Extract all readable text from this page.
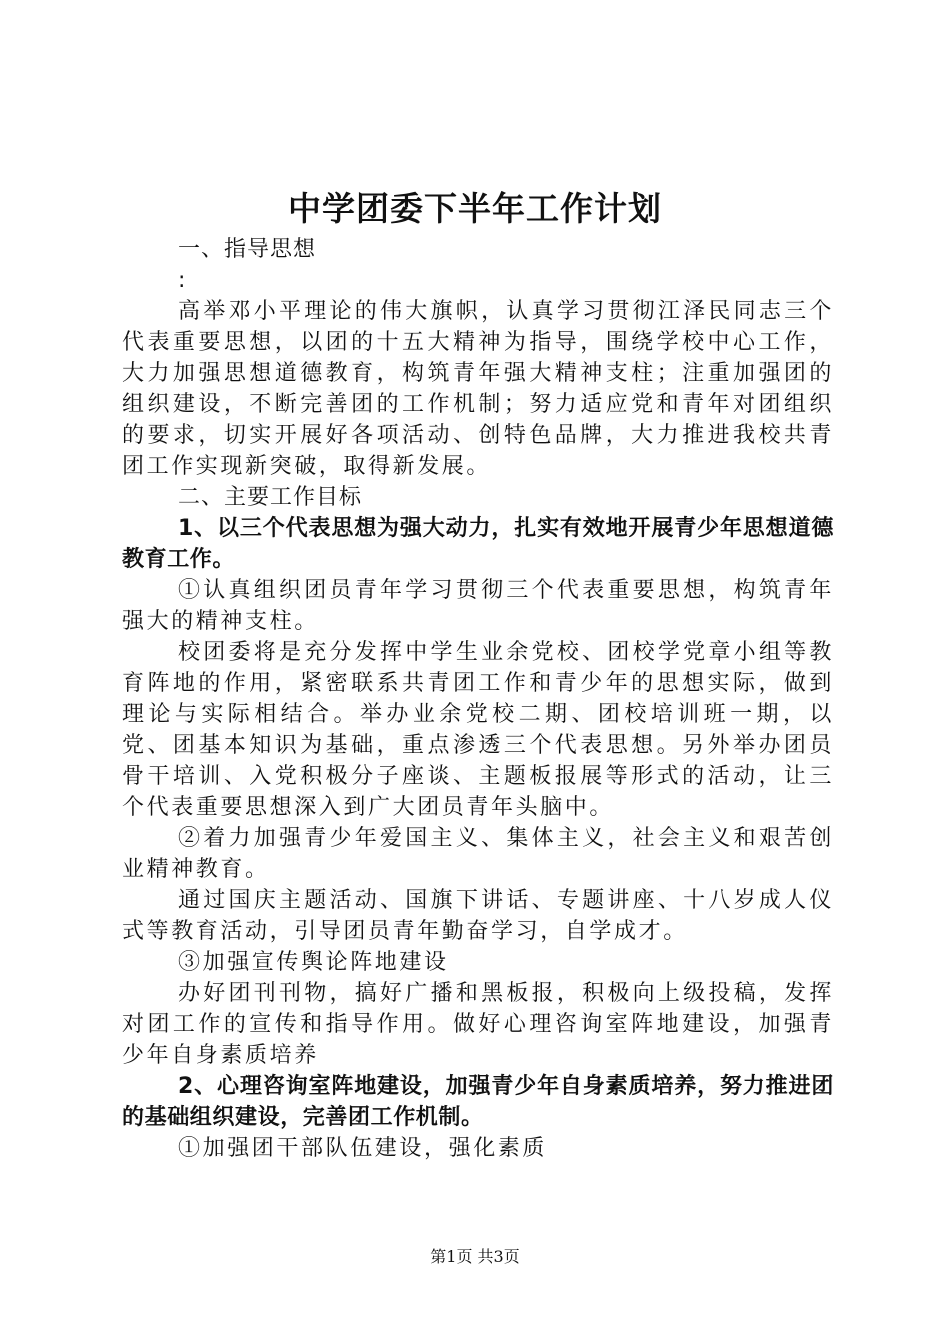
中学团委下半年工作计划

一、指导思想

:

高举邓小平理论的伟大旗帜，认真学习贯彻江泽民同志三个代表重要思想，以团的十五大精神为指导，围绕学校中心工作，大力加强思想道德教育，构筑青年强大精神支柱；注重加强团的组织建设，不断完善团的工作机制；努力适应党和青年对团组织的要求，切实开展好各项活动、创特色品牌，大力推进我校共青团工作实现新突破，取得新发展。

二、主要工作目标

1、以三个代表思想为强大动力，扎实有效地开展青少年思想道德教育工作。

①认真组织团员青年学习贯彻三个代表重要思想，构筑青年强大的精神支柱。

校团委将是充分发挥中学生业余党校、团校学党章小组等教育阵地的作用，紧密联系共青团工作和青少年的思想实际，做到理论与实际相结合。举办业余党校二期、团校培训班一期，以党、团基本知识为基础，重点渗透三个代表思想。另外举办团员骨干培训、入党积极分子座谈、主题板报展等形式的活动，让三个代表重要思想深入到广大团员青年头脑中。

②着力加强青少年爱国主义、集体主义，社会主义和艰苦创业精神教育。

通过国庆主题活动、国旗下讲话、专题讲座、十八岁成人仪式等教育活动，引导团员青年勤奋学习，自学成才。

③加强宣传舆论阵地建设

办好团刊刊物，搞好广播和黑板报，积极向上级投稿，发挥对团工作的宣传和指导作用。做好心理咨询室阵地建设，加强青少年自身素质培养

2、心理咨询室阵地建设，加强青少年自身素质培养，努力推进团的基础组织建设，完善团工作机制。

①加强团干部队伍建设，强化素质

第1页 共3页
